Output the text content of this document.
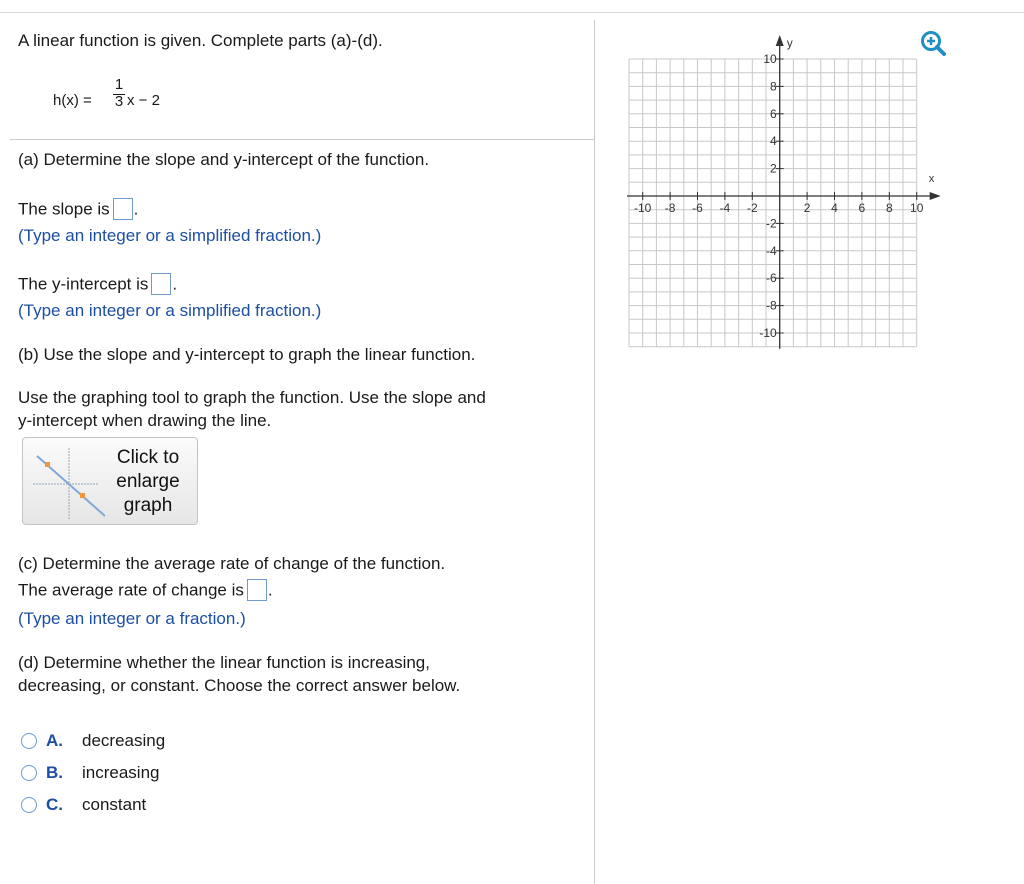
A linear function is given. Complete parts (a)-(d).
h(x) =
1
3 x − 2
(a) Determine the slope and y-intercept of the function.
The slope is .
(Type an integer or a simplified fraction.)
The y-intercept is .
(Type an integer or a simplified fraction.)
(b) Use the slope and y-intercept to graph the linear function.
Use the graphing tool to graph the function. Use the slope and
y-intercept when drawing the line.
Click to
enlarge
graph
(c) Determine the average rate of change of the function.
The average rate of change is .
(Type an integer or a fraction.)
(d) Determine whether the linear function is increasing,
decreasing, or constant. Choose the correct answer below.
A. decreasing
B. increasing
C. constant
x
y
-10 -8 -6 -4 -2	2 4 6 8 10
10
8
6
4
2
-2
-4
-6
-8
-10
